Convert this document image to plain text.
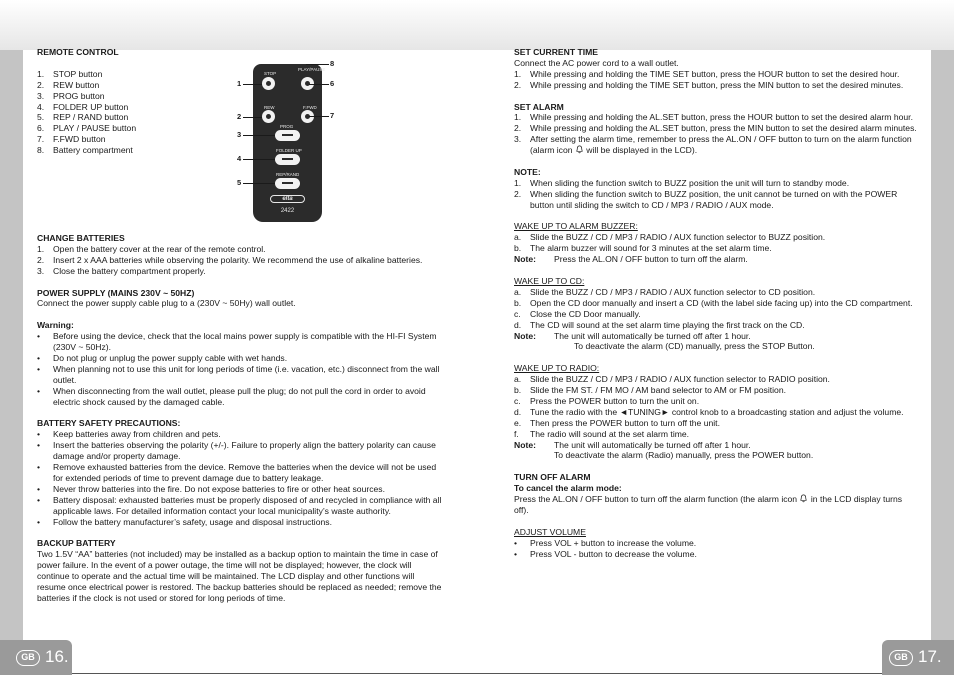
GB 16.	GB 17.
REMOTE CONTROL
1. STOP button
2. REW button
3. PROG button
4. FOLDER UP button
5. REP / RAND button
6. PLAY / PAUSE button
7. F.FWD button
8. Battery compartment
STOP
PLAY/PAUSE
REW	F.FWD
PROG
FOLDER UP
REP/RAND
elta
2422
1
2
3
4
5
6
7
8
CHANGE BATTERIES
1. Open the battery cover at the rear of the remote control.
2. Insert 2 x AAA batteries while observing the polarity. We recommend the use of alkaline batteries.
3. Close the battery compartment properly.
POWER SUPPLY (MAINS 230V ~ 50HZ)
Connect the power supply cable plug to a (230V ~ 50Hy) wall outlet.
Warning:
• Before using the device, check that the local mains power supply is compatible with the HI-FI System (230V ~ 50Hz).
• Do not plug or unplug the power supply cable with wet hands.
• When planning not to use this unit for long periods of time (i.e. vacation, etc.) disconnect from the wall outlet.
• When disconnecting from the wall outlet, please pull the plug; do not pull the cord in order to avoid electric shock caused by the damaged cable.
BATTERY SAFETY PRECAUTIONS:
• Keep batteries away from children and pets.
• Insert the batteries observing the polarity (+/-). Failure to properly align the battery polarity can cause damage and/or property damage.
• Remove exhausted batteries from the device. Remove the batteries when the device will not be used for extended periods of time to prevent damage due to battery leakage.
• Never throw batteries into the fire. Do not expose batteries to fire or other heat sources.
• Battery disposal: exhausted batteries must be properly disposed of and recycled in compliance with all applicable laws. For detailed information contact your local municipality’s waste authority.
• Follow the battery manufacturer’s safety, usage and disposal instructions.
BACKUP BATTERY
Two 1.5V “AA” batteries (not included) may be installed as a backup option to maintain the time in case of power failure. In the event of a power outage, the time will not be displayed; however, the clock will continue to operate and the actual time will be maintained. The LCD display and other functions will resume once electrical power is restored. The backup batteries should be replaced as needed; remove the batteries if the clock is not used or stored for long periods of time.
SET CURRENT TIME
Connect the AC power cord to a wall outlet.
1. While pressing and holding the TIME SET button, press the HOUR button to set the desired hour.
2. While pressing and holding the TIME SET button, press the MIN button to set the desired minutes.
SET ALARM
1. While pressing and holding the AL.SET button, press the HOUR button to set the desired alarm hour.
2. While pressing and holding the AL.SET button, press the MIN button to set the desired alarm minutes.
3. After setting the alarm time, remember to press the AL.ON / OFF button to turn on the alarm function (alarm icon will be displayed in the LCD).
NOTE:
1. When sliding the function switch to BUZZ position the unit will turn to standby mode.
2. When sliding the function switch to BUZZ position, the unit cannot be turned on with the POWER button until sliding the switch to CD / MP3 / RADIO / AUX mode.
WAKE UP TO ALARM BUZZER:
a. Slide the BUZZ / CD / MP3 / RADIO / AUX function selector to BUZZ position.
b. The alarm buzzer will sound for 3 minutes at the set alarm time.
Note: Press the AL.ON / OFF button to turn off the alarm.
WAKE UP TO CD:
a. Slide the BUZZ / CD / MP3 / RADIO / AUX function selector to CD position.
b. Open the CD door manually and insert a CD (with the label side facing up) into the CD compartment.
c. Close the CD Door manually.
d. The CD will sound at the set alarm time playing the first track on the CD.
Note: The unit will automatically be turned off after 1 hour.
To deactivate the alarm (CD) manually, press the STOP Button.
WAKE UP TO RADIO:
a. Slide the BUZZ / CD / MP3 / RADIO / AUX function selector to RADIO position.
b. Slide the FM ST. / FM MO / AM band selector to AM or FM position.
c. Press the POWER button to turn the unit on.
d. Tune the radio with the ◄TUNING► control knob to a broadcasting station and adjust the volume.
e. Then press the POWER button to turn off the unit.
f. The radio will sound at the set alarm time.
Note: The unit will automatically be turned off after 1 hour.
To deactivate the alarm (Radio) manually, press the POWER button.
TURN OFF ALARM
To cancel the alarm mode:
Press the AL.ON / OFF button to turn off the alarm function (the alarm icon in the LCD display turns off).
ADJUST VOLUME
• Press VOL + button to increase the volume.
• Press VOL - button to decrease the volume.
